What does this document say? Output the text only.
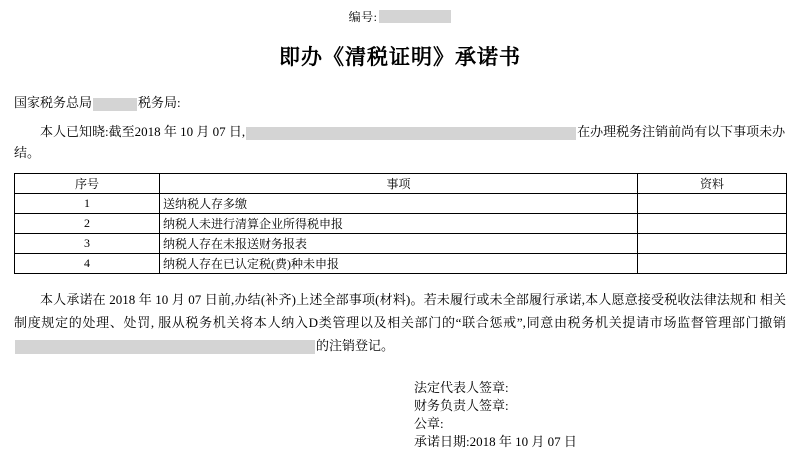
编号:
即办《清税证明》承诺书
国家税务总局	税务局:
本人已知晓:截至2018 年 10 月 07 日,	在办理税务注销前尚有以下事项未办
结。
序号	事项	资料
1	送纳税人存多缴	
2	纳税人未进行清算企业所得税申报	
3	纳税人存在未报送财务报表	
4	纳税人存在已认定税(费)种未申报	
本人承诺在 2018 年 10 月 07 日前,办结(补齐)上述全部事项(材料)。若未履行或未全部履行承诺,本人愿意接受税收法律法规和 相关制度规定的处理、处罚, 服从税务机关将本人纳入D类管理以及相关部门的“联合惩戒”,同意由税务机关提请市场监督管理部门撤销 的注销登记。
法定代表人签章:
财务负责人签章:
公章:
承诺日期:2018 年 10 月 07 日
